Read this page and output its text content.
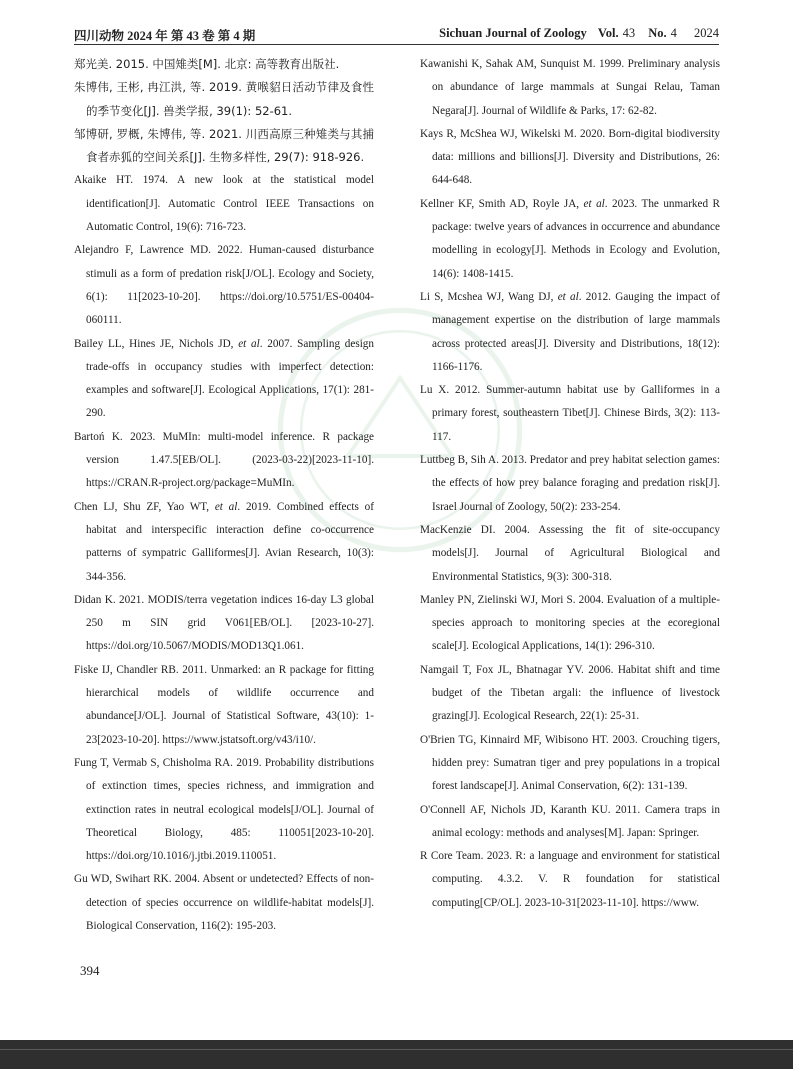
四川动物 2024 年 第 43 卷 第 4 期	Sichuan Journal of Zoology Vol. 43 No. 4 2024

郑光美. 2015. 中国雉类[M]. 北京: 高等教育出版社.

朱博伟, 王彬, 冉江洪, 等. 2019. 黄喉貂日活动节律及食性的季节变化[J]. 兽类学报, 39(1): 52-61.

邹博研, 罗概, 朱博伟, 等. 2021. 川西高原三种雉类与其捕食者赤狐的空间关系[J]. 生物多样性, 29(7): 918-926.

Akaike HT. 1974. A new look at the statistical model identification[J]. Automatic Control IEEE Transactions on Automatic Control, 19(6): 716-723.

Alejandro F, Lawrence MD. 2022. Human-caused disturbance stimuli as a form of predation risk[J/OL]. Ecology and Society, 6(1): 11[2023-10-20]. https://doi.org/10.5751/ES-00404-060111.

Bailey LL, Hines JE, Nichols JD, et al. 2007. Sampling design trade-offs in occupancy studies with imperfect detection: examples and software[J]. Ecological Applications, 17(1): 281-290.

Bartoń K. 2023. MuMIn: multi-model inference. R package version 1.47.5[EB/OL]. (2023-03-22)[2023-11-10]. https://CRAN.R-project.org/package=MuMIn.

Chen LJ, Shu ZF, Yao WT, et al. 2019. Combined effects of habitat and interspecific interaction define co-occurrence patterns of sympatric Galliformes[J]. Avian Research, 10(3): 344-356.

Didan K. 2021. MODIS/terra vegetation indices 16-day L3 global 250 m SIN grid V061[EB/OL]. [2023-10-27]. https://doi.org/10.5067/MODIS/MOD13Q1.061.

Fiske IJ, Chandler RB. 2011. Unmarked: an R package for fitting hierarchical models of wildlife occurrence and abundance[J/OL]. Journal of Statistical Software, 43(10): 1-23[2023-10-20]. https://www.jstatsoft.org/v43/i10/.

Fung T, Vermab S, Chisholma RA. 2019. Probability distributions of extinction times, species richness, and immigration and extinction rates in neutral ecological models[J/OL]. Journal of Theoretical Biology, 485: 110051[2023-10-20]. https://doi.org/10.1016/j.jtbi.2019.110051.

Gu WD, Swihart RK. 2004. Absent or undetected? Effects of non-detection of species occurrence on wildlife-habitat models[J]. Biological Conservation, 116(2): 195-203.

Kawanishi K, Sahak AM, Sunquist M. 1999. Preliminary analysis on abundance of large mammals at Sungai Relau, Taman Negara[J]. Journal of Wildlife & Parks, 17: 62-82.

Kays R, McShea WJ, Wikelski M. 2020. Born-digital biodiversity data: millions and billions[J]. Diversity and Distributions, 26: 644-648.

Kellner KF, Smith AD, Royle JA, et al. 2023. The unmarked R package: twelve years of advances in occurrence and abundance modelling in ecology[J]. Methods in Ecology and Evolution, 14(6): 1408-1415.

Li S, Mcshea WJ, Wang DJ, et al. 2012. Gauging the impact of management expertise on the distribution of large mammals across protected areas[J]. Diversity and Distributions, 18(12): 1166-1176.

Lu X. 2012. Summer-autumn habitat use by Galliformes in a primary forest, southeastern Tibet[J]. Chinese Birds, 3(2): 113-117.

Luttbeg B, Sih A. 2013. Predator and prey habitat selection games: the effects of how prey balance foraging and predation risk[J]. Israel Journal of Zoology, 50(2): 233-254.

MacKenzie DI. 2004. Assessing the fit of site-occupancy models[J]. Journal of Agricultural Biological and Environmental Statistics, 9(3): 300-318.

Manley PN, Zielinski WJ, Mori S. 2004. Evaluation of a multiple-species approach to monitoring species at the ecoregional scale[J]. Ecological Applications, 14(1): 296-310.

Namgail T, Fox JL, Bhatnagar YV. 2006. Habitat shift and time budget of the Tibetan argali: the influence of livestock grazing[J]. Ecological Research, 22(1): 25-31.

O'Brien TG, Kinnaird MF, Wibisono HT. 2003. Crouching tigers, hidden prey: Sumatran tiger and prey populations in a tropical forest landscape[J]. Animal Conservation, 6(2): 131-139.

O'Connell AF, Nichols JD, Karanth KU. 2011. Camera traps in animal ecology: methods and analyses[M]. Japan: Springer.

R Core Team. 2023. R: a language and environment for statistical computing. 4.3.2. V. R foundation for statistical computing[CP/OL]. 2023-10-31[2023-11-10]. https://www.

394
